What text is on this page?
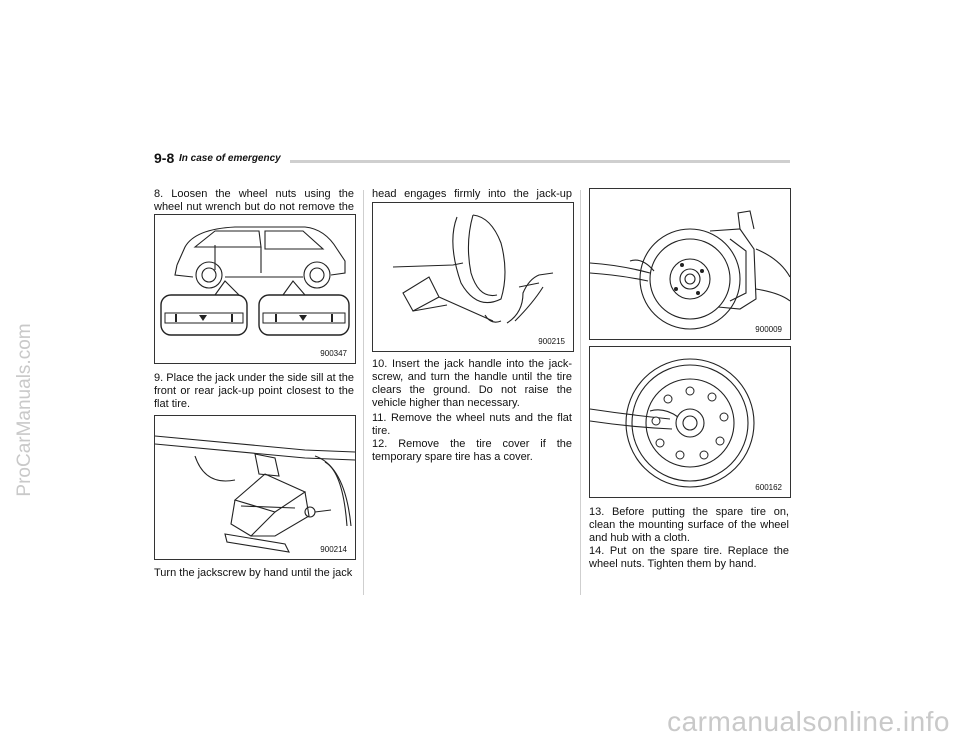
ProCarManuals.com
9-8 In case of emergency
8. Loosen the wheel nuts using the wheel nut wrench but do not remove the
900347
9. Place the jack under the side sill at the front or rear jack-up point closest to the flat tire.
900214
Turn the jackscrew by hand until the jack
head engages firmly into the jack-up
900215
10. Insert the jack handle into the jack-screw, and turn the handle until the tire clears the ground. Do not raise the vehicle higher than necessary.
11. Remove the wheel nuts and the flat tire.
12. Remove the tire cover if the temporary spare tire has a cover.
900009
600162
13. Before putting the spare tire on, clean the mounting surface of the wheel and hub with a cloth.
14. Put on the spare tire. Replace the wheel nuts. Tighten them by hand.
carmanualsonline.info
